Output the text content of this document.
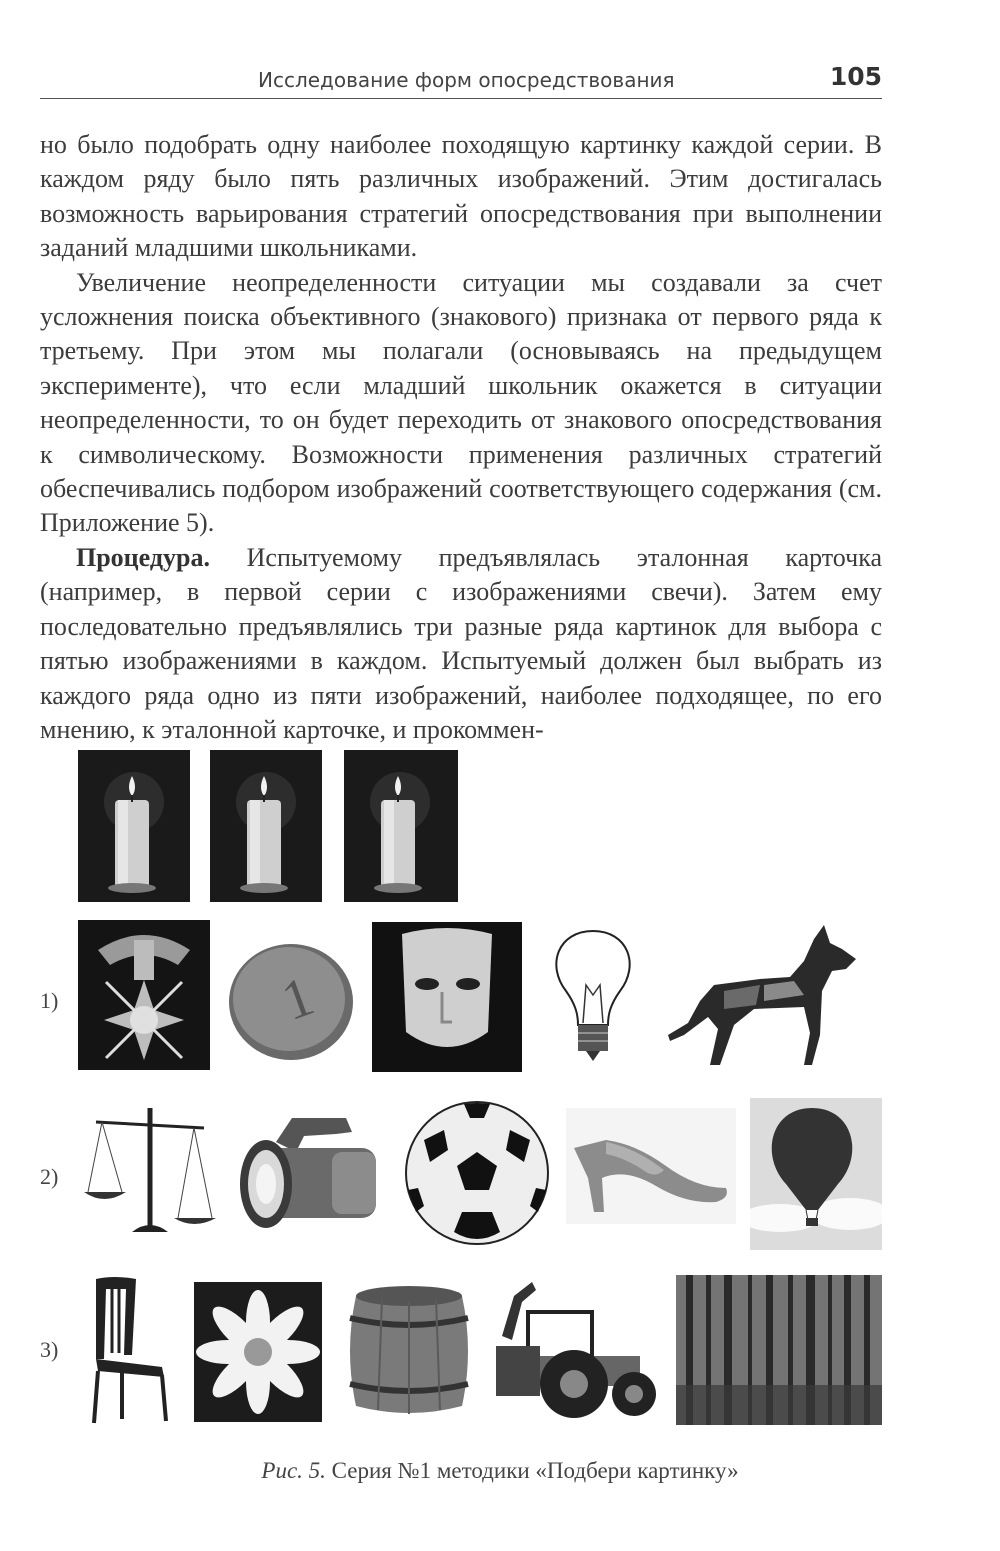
Исследование форм опосредствования	105

но было подобрать одну наиболее походящую картинку каждой серии. В каждом ряду было пять различных изображений. Этим достигалась возможность варьирования стратегий опосредствования при выполнении заданий младшими школьниками.

Увеличение неопределенности ситуации мы создавали за счет усложнения поиска объективного (знакового) признака от первого ряда к третьему. При этом мы полагали (основываясь на предыдущем эксперименте), что если младший школьник окажется в ситуации неопределенности, то он будет переходить от знакового опосредствования к символическому. Возможности применения различных стратегий обеспечивались подбором изображений соответствующего содержания (см. Приложение 5).

Процедура. Испытуемому предъявлялась эталонная карточка (например, в первой серии с изображениями свечи). Затем ему последовательно предъявлялись три разные ряда картинок для выбора с пятью изображениями в каждом. Испытуемый должен был выбрать из каждого ряда одно из пяти изображений, наиболее подходящее, по его мнению, к эталонной карточке, и прокоммен-

1)
2)
3)
1
Рис. 5. Серия №1 методики «Подбери картинку»
